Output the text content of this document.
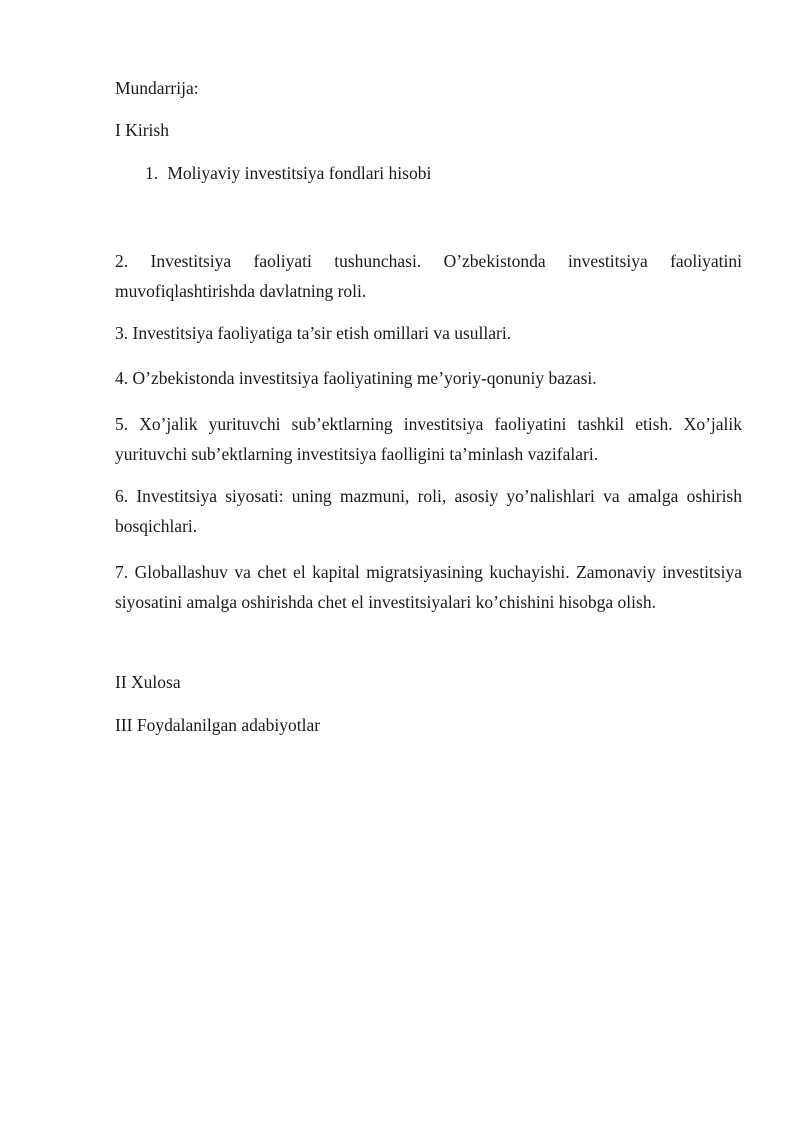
Mundarrija:
I Kirish
1. Moliyaviy investitsiya fondlari hisobi
2. Investitsiya faoliyati tushunchasi. O’zbekistonda investitsiya faoliyatini muvofiqlashtirishda davlatning roli.
3. Investitsiya faoliyatiga ta’sir etish omillari va usullari.
4. O’zbekistonda investitsiya faoliyatining me’yoriy-qonuniy bazasi.
5. Xo’jalik yurituvchi sub’ektlarning investitsiya faoliyatini tashkil etish. Xo’jalik yurituvchi sub’ektlarning investitsiya faolligini ta’minlash vazifalari.
6. Investitsiya siyosati: uning mazmuni, roli, asosiy yo’nalishlari va amalga oshirish bosqichlari.
7. Globallashuv va chet el kapital migratsiyasining kuchayishi. Zamonaviy investitsiya siyosatini amalga oshirishda chet el investitsiyalari ko’chishini hisobga olish.
II Xulosa
III Foydalanilgan adabiyotlar
